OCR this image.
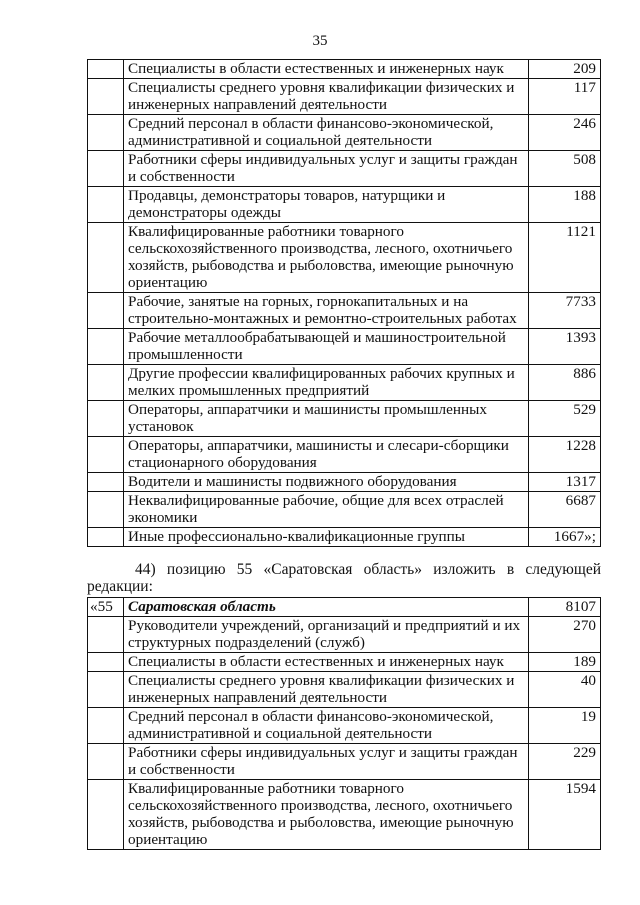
35
	Специалисты в области естественных и инженерных наук	209
	Специалисты среднего уровня квалификации физических и инженерных направлений деятельности	117
	Средний персонал в области финансово-экономической, административной и социальной деятельности	246
	Работники сферы индивидуальных услуг и защиты граждан и собственности	508
	Продавцы, демонстраторы товаров, натурщики и демонстраторы одежды	188
	Квалифицированные работники товарного сельскохозяйственного производства, лесного, охотничьего хозяйств, рыбоводства и рыболовства, имеющие рыночную ориентацию	1121
	Рабочие, занятые на горных, горнокапитальных и на строительно-монтажных и ремонтно-строительных работах	7733
	Рабочие металлообрабатывающей и машиностроительной промышленности	1393
	Другие профессии квалифицированных рабочих крупных и мелких промышленных предприятий	886
	Операторы, аппаратчики и машинисты промышленных установок	529
	Операторы, аппаратчики, машинисты и слесари-сборщики стационарного оборудования	1228
	Водители и машинисты подвижного оборудования	1317
	Неквалифицированные рабочие, общие для всех отраслей экономики	6687
	Иные профессионально-квалификационные группы	1667»;
44) позицию 55 «Саратовская область» изложить в следующей
редакции:
«55	Саратовская область	8107
	Руководители учреждений, организаций и предприятий и их структурных подразделений (служб)	270
	Специалисты в области естественных и инженерных наук	189
	Специалисты среднего уровня квалификации физических и инженерных направлений деятельности	40
	Средний персонал в области финансово-экономической, административной и социальной деятельности	19
	Работники сферы индивидуальных услуг и защиты граждан и собственности	229
	Квалифицированные работники товарного сельскохозяйственного производства, лесного, охотничьего хозяйств, рыбоводства и рыболовства, имеющие рыночную ориентацию	1594
